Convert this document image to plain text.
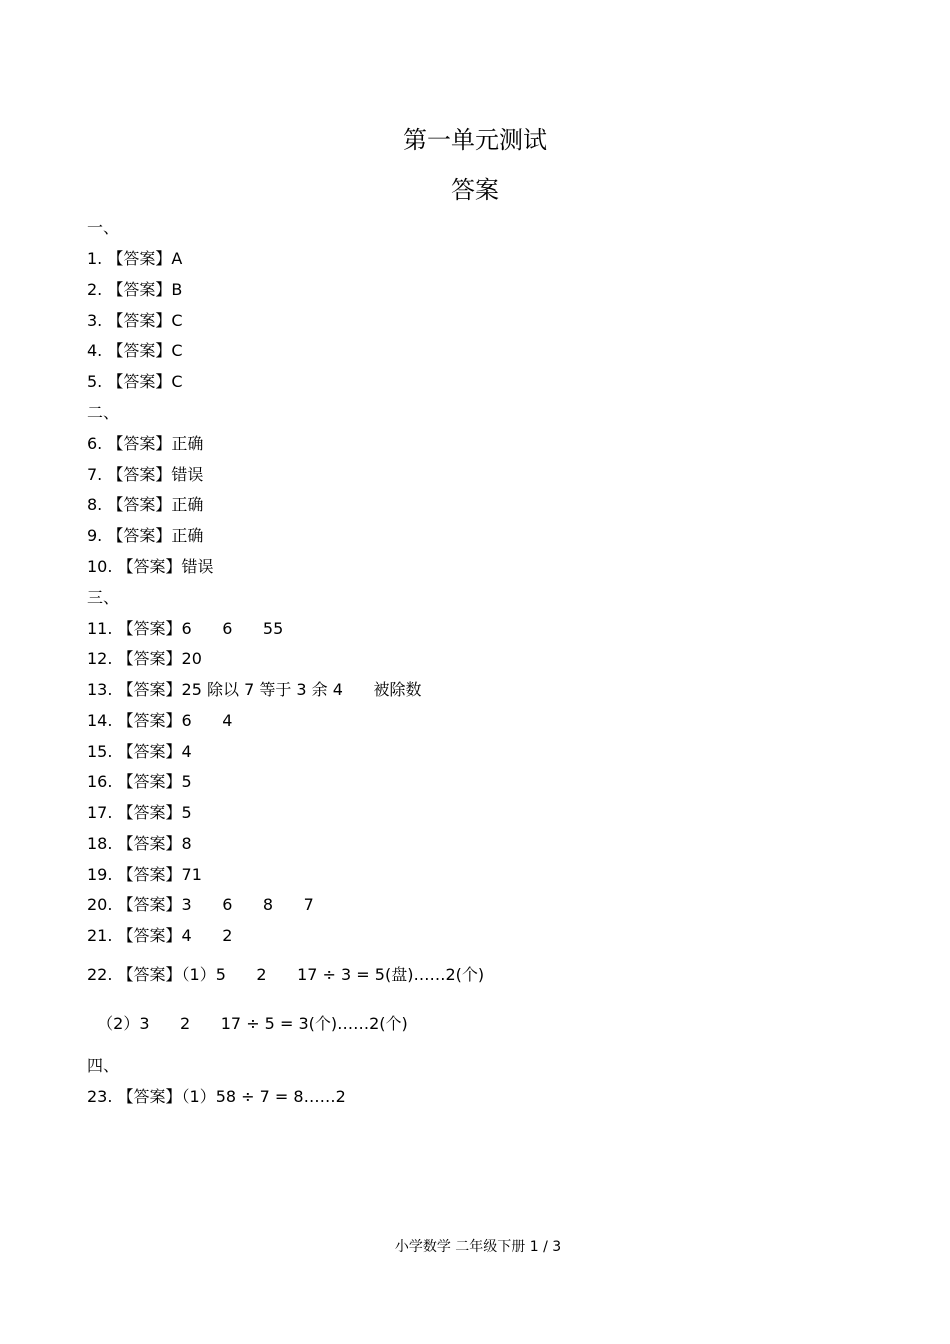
第一单元测试
答案
一、
1. 【答案】A
2. 【答案】B
3. 【答案】C
4. 【答案】C
5. 【答案】C
二、
6. 【答案】正确
7. 【答案】错误
8. 【答案】正确
9. 【答案】正确
10. 【答案】错误
三、
11. 【答案】6      6      55
12. 【答案】20
13. 【答案】25 除以 7 等于 3 余 4      被除数
14. 【答案】6      4
15. 【答案】4
16. 【答案】5
17. 【答案】5
18. 【答案】8
19. 【答案】71
20. 【答案】3      6      8      7
21. 【答案】4      2
22. 【答案】（1）5      2      17 ÷ 3 = 5(盘)……2(个)
（2）3      2      17 ÷ 5 = 3(个)……2(个)
四、
23. 【答案】（1）58 ÷ 7 = 8……2
小学数学 二年级下册 1 / 3
